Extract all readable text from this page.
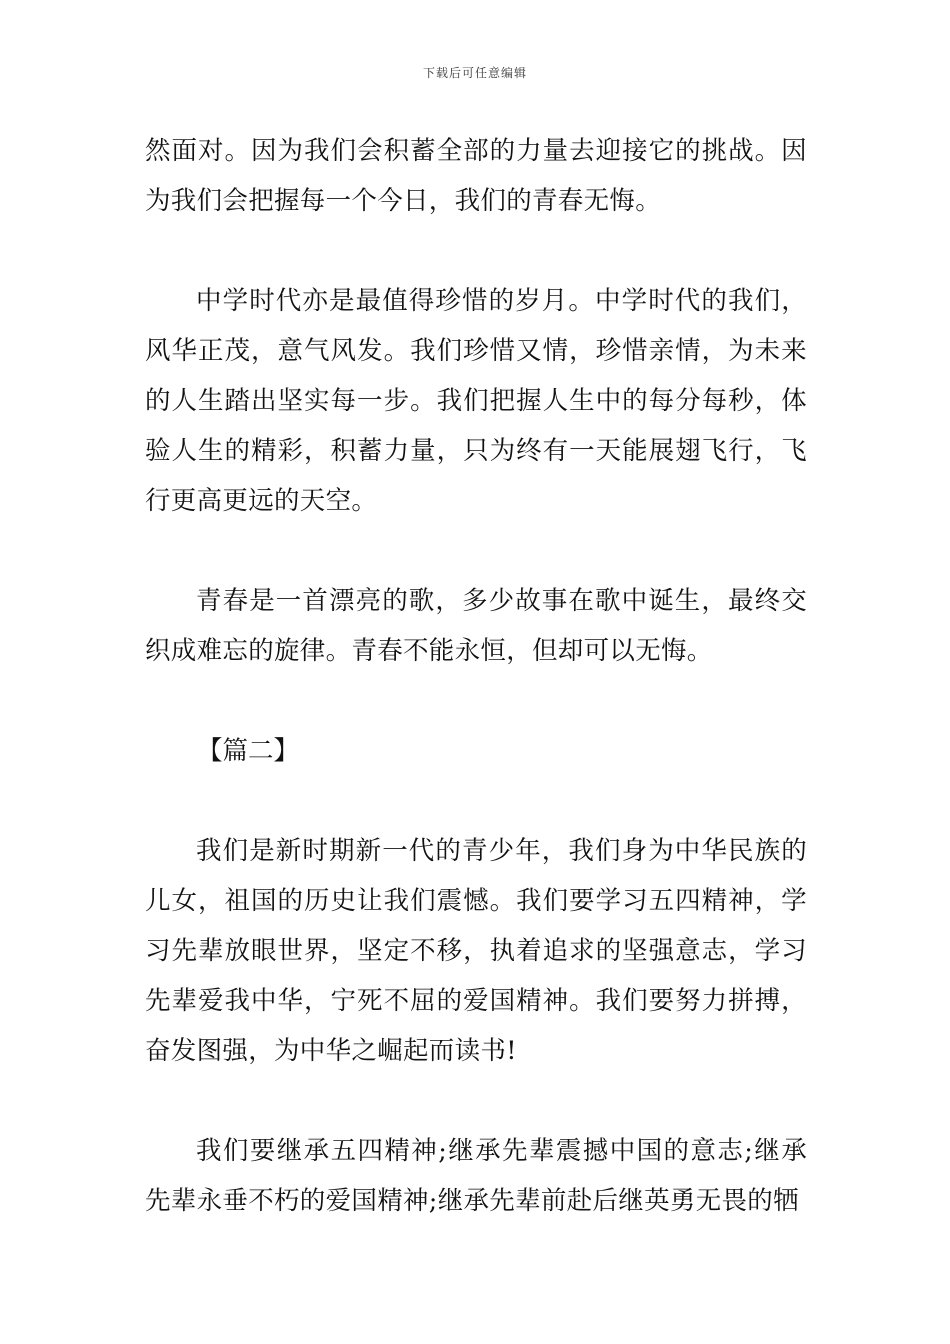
下载后可任意编辑

然面对。因为我们会积蓄全部的力量去迎接它的挑战。因为我们会把握每一个今日，我们的青春无悔。

中学时代亦是最值得珍惜的岁月。中学时代的我们，风华正茂，意气风发。我们珍惜又情，珍惜亲情，为未来的人生踏出坚实每一步。我们把握人生中的每分每秒，体验人生的精彩，积蓄力量，只为终有一天能展翅飞行，飞行更高更远的天空。

青春是一首漂亮的歌，多少故事在歌中诞生，最终交织成难忘的旋律。青春不能永恒，但却可以无悔。

【篇二】

我们是新时期新一代的青少年，我们身为中华民族的儿女，祖国的历史让我们震憾。我们要学习五四精神，学习先辈放眼世界，坚定不移，执着追求的坚强意志，学习先辈爱我中华，宁死不屈的爱国精神。我们要努力拼搏，奋发图强，为中华之崛起而读书!

我们要继承五四精神;继承先辈震撼中国的意志;继承先辈永垂不朽的爱国精神;继承先辈前赴后继英勇无畏的牺
